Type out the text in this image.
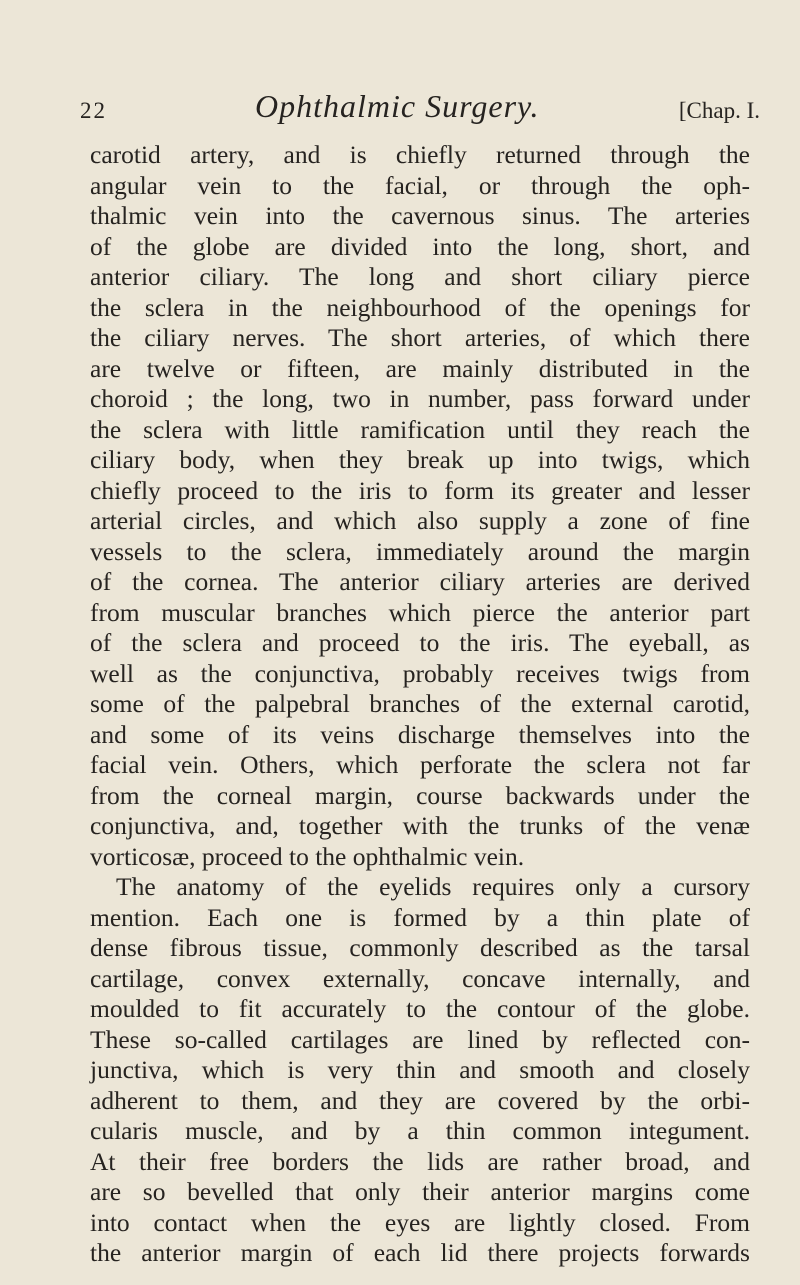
22	Ophthalmic Surgery.	[Chap. I.
carotid artery, and is chiefly returned through the
angular vein to the facial, or through the oph-
thalmic vein into the cavernous sinus. The arteries
of the globe are divided into the long, short, and
anterior ciliary. The long and short ciliary pierce
the sclera in the neighbourhood of the openings for
the ciliary nerves. The short arteries, of which there
are twelve or fifteen, are mainly distributed in the
choroid ; the long, two in number, pass forward under
the sclera with little ramification until they reach the
ciliary body, when they break up into twigs, which
chiefly proceed to the iris to form its greater and lesser
arterial circles, and which also supply a zone of fine
vessels to the sclera, immediately around the margin
of the cornea. The anterior ciliary arteries are derived
from muscular branches which pierce the anterior part
of the sclera and proceed to the iris. The eyeball, as
well as the conjunctiva, probably receives twigs from
some of the palpebral branches of the external carotid,
and some of its veins discharge themselves into the
facial vein. Others, which perforate the sclera not far
from the corneal margin, course backwards under the
conjunctiva, and, together with the trunks of the venæ
vorticosæ, proceed to the ophthalmic vein.
The anatomy of the eyelids requires only a cursory
mention. Each one is formed by a thin plate of
dense fibrous tissue, commonly described as the tarsal
cartilage, convex externally, concave internally, and
moulded to fit accurately to the contour of the globe.
These so-called cartilages are lined by reflected con-
junctiva, which is very thin and smooth and closely
adherent to them, and they are covered by the orbi-
cularis muscle, and by a thin common integument.
At their free borders the lids are rather broad, and
are so bevelled that only their anterior margins come
into contact when the eyes are lightly closed. From
the anterior margin of each lid there projects forwards
